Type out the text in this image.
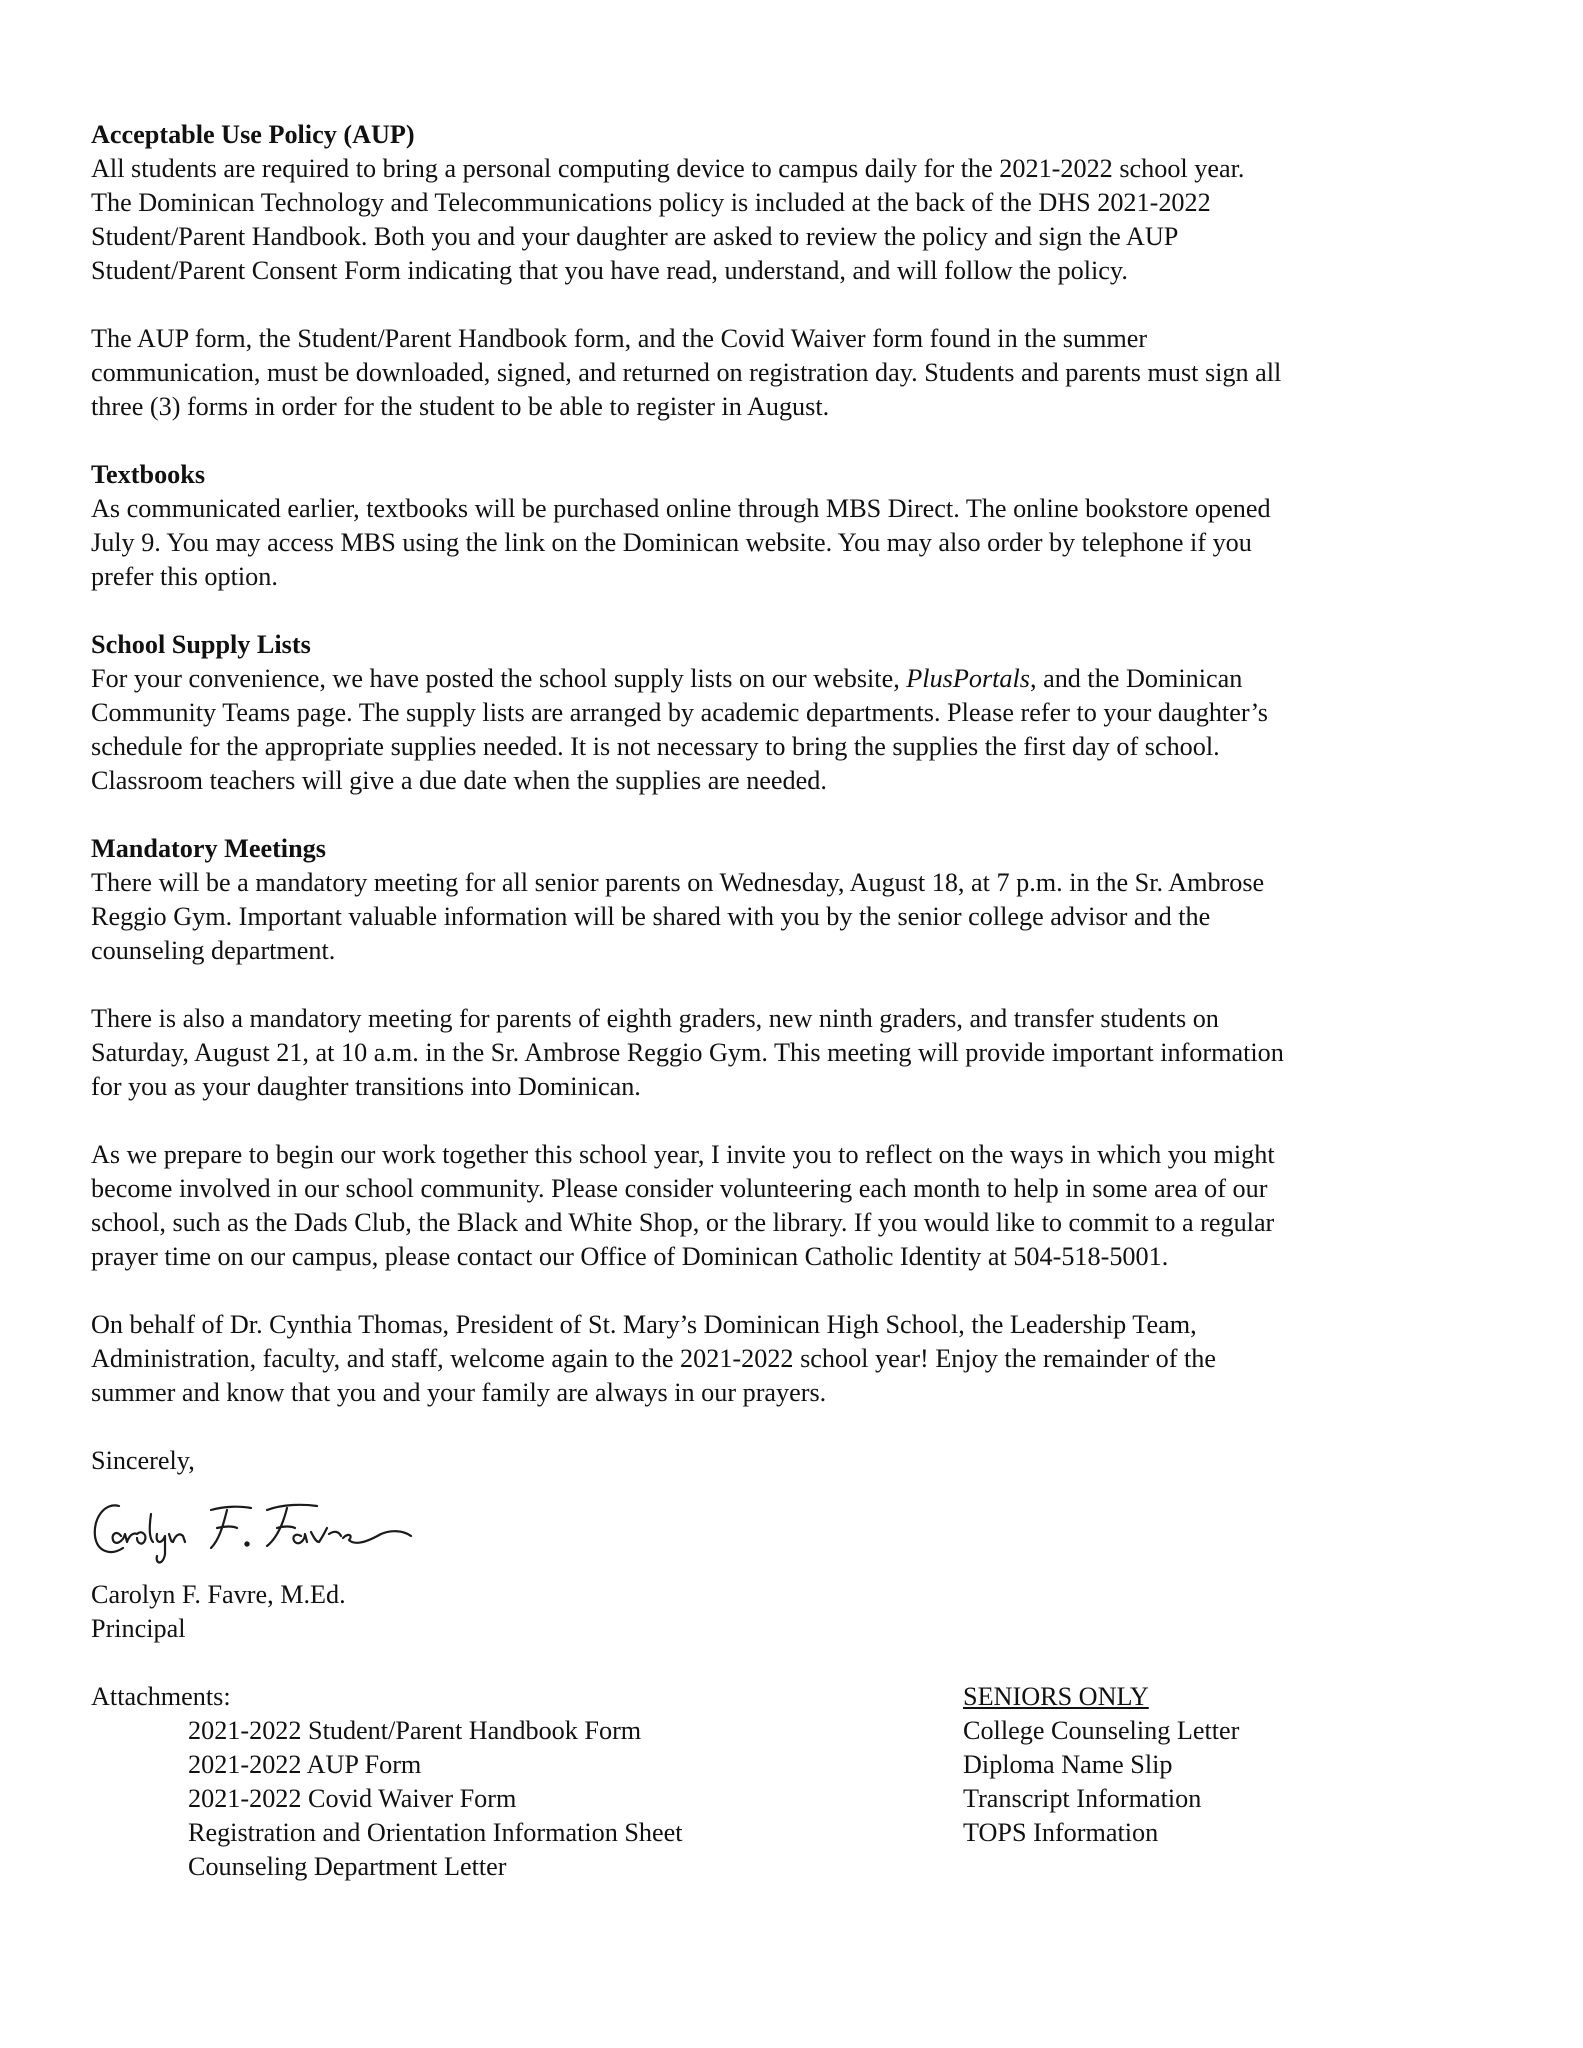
Acceptable Use Policy (AUP)
All students are required to bring a personal computing device to campus daily for the 2021-2022 school year.
The Dominican Technology and Telecommunications policy is included at the back of the DHS 2021-2022
Student/Parent Handbook. Both you and your daughter are asked to review the policy and sign the AUP
Student/Parent Consent Form indicating that you have read, understand, and will follow the policy.
The AUP form, the Student/Parent Handbook form, and the Covid Waiver form found in the summer
communication, must be downloaded, signed, and returned on registration day. Students and parents must sign all
three (3) forms in order for the student to be able to register in August.
Textbooks
As communicated earlier, textbooks will be purchased online through MBS Direct. The online bookstore opened
July 9. You may access MBS using the link on the Dominican website. You may also order by telephone if you
prefer this option.
School Supply Lists
For your convenience, we have posted the school supply lists on our website, PlusPortals, and the Dominican
Community Teams page. The supply lists are arranged by academic departments. Please refer to your daughter’s
schedule for the appropriate supplies needed. It is not necessary to bring the supplies the first day of school.
Classroom teachers will give a due date when the supplies are needed.
Mandatory Meetings
There will be a mandatory meeting for all senior parents on Wednesday, August 18, at 7 p.m. in the Sr. Ambrose
Reggio Gym. Important valuable information will be shared with you by the senior college advisor and the
counseling department.
There is also a mandatory meeting for parents of eighth graders, new ninth graders, and transfer students on
Saturday, August 21, at 10 a.m. in the Sr. Ambrose Reggio Gym. This meeting will provide important information
for you as your daughter transitions into Dominican.
As we prepare to begin our work together this school year, I invite you to reflect on the ways in which you might
become involved in our school community. Please consider volunteering each month to help in some area of our
school, such as the Dads Club, the Black and White Shop, or the library. If you would like to commit to a regular
prayer time on our campus, please contact our Office of Dominican Catholic Identity at 504-518-5001.
On behalf of Dr. Cynthia Thomas, President of St. Mary’s Dominican High School, the Leadership Team,
Administration, faculty, and staff, welcome again to the 2021-2022 school year! Enjoy the remainder of the
summer and know that you and your family are always in our prayers.
Sincerely,
Carolyn F. Favre, M.Ed.
Principal
Attachments:
2021-2022 Student/Parent Handbook Form
2021-2022 AUP Form
2021-2022 Covid Waiver Form
Registration and Orientation Information Sheet
Counseling Department Letter
SENIORS ONLY
College Counseling Letter
Diploma Name Slip
Transcript Information
TOPS Information
